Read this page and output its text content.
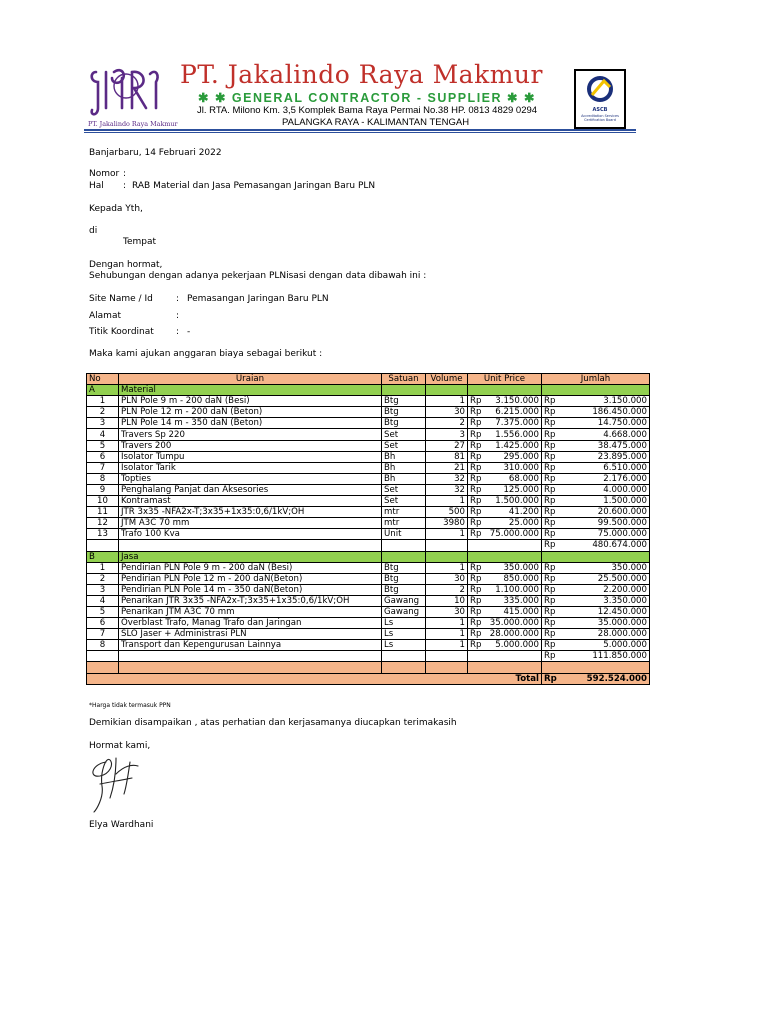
PT. Jakalindo Raya Makmur
PT. Jakalindo Raya Makmur
✱ ✱ GENERAL CONTRACTOR - SUPPLIER ✱ ✱
Jl. RTA. Milono Km. 3,5 Komplek Bama Raya Permai No.38 HP. 0813 4829 0294
PALANGKA RAYA - KALIMANTAN TENGAH
ASCB
Accreditation Services Certification Board
Banjarbaru, 14 Februari 2022
Nomor :
Hal : RAB Material dan Jasa Pemasangan Jaringan Baru PLN
Kepada Yth,
di
Tempat
Dengan hormat,
Sehubungan dengan adanya pekerjaan PLNisasi dengan data dibawah ini :
Site Name / Id	: Pemasangan Jaringan Baru PLN
Alamat	:
Titik Koordinat : -
Maka kami ajukan anggaran biaya sebagai berikut :
No	Uraian	Satuan	Volume	Unit Price	Jumlah
A	Material				
1	PLN Pole 9 m - 200 daN (Besi)	Btg	1	Rp 3.150.000	Rp 3.150.000

2	PLN Pole 12 m - 200 daN (Beton)	Btg	30	Rp 6.215.000	Rp 186.450.000

3	PLN Pole 14 m - 350 daN (Beton)	Btg	2	Rp 7.375.000	Rp 14.750.000

4	Travers Sp 220	Set	3	Rp 1.556.000	Rp 4.668.000

5	Travers 200	Set	27	Rp 1.425.000	Rp 38.475.000

6	Isolator Tumpu	Bh	81	Rp 295.000	Rp 23.895.000

7	Isolator Tarik	Bh	21	Rp 310.000	Rp 6.510.000

8	Topties	Bh	32	Rp 68.000	Rp 2.176.000

9	Penghalang Panjat dan Aksesories	Set	32	Rp 125.000	Rp 4.000.000

10	Kontramast	Set	1	Rp 1.500.000	Rp 1.500.000

11	JTR 3x35 -NFA2x-T;3x35+1x35:0,6/1kV;OH	mtr	500	Rp 41.200	Rp 20.600.000

12	JTM A3C 70 mm	mtr	3980	Rp 25.000	Rp 99.500.000

13	Trafo 100 Kva	Unit	1	Rp 75.000.000	Rp 75.000.000

					Rp 480.674.000

B	Jasa				
1	Pendirian PLN Pole 9 m - 200 daN (Besi)	Btg	1	Rp 350.000	Rp 350.000

2	Pendirian PLN Pole 12 m - 200 daN(Beton)	Btg	30	Rp 850.000	Rp 25.500.000

3	Pendirian PLN Pole 14 m - 350 daN(Beton)	Btg	2	Rp 1.100.000	Rp 2.200.000

4	Penarikan JTR 3x35 -NFA2x-T;3x35+1x35:0,6/1kV;OH	Gawang	10	Rp 335.000	Rp 3.350.000

5	Penarikan JTM A3C 70 mm	Gawang	30	Rp 415.000	Rp 12.450.000

6	Overblast Trafo, Manag Trafo dan Jaringan	Ls	1	Rp 35.000.000	Rp 35.000.000

7	SLO Jaser + Administrasi PLN	Ls	1	Rp 28.000.000	Rp 28.000.000

8	Transport dan Kepengurusan Lainnya	Ls	1	Rp 5.000.000	Rp 5.000.000

					Rp 111.850.000

Total					Rp 592.524.000
*Harga tidak termasuk PPN
Demikian disampaikan , atas perhatian dan kerjasamanya diucapkan terimakasih
Hormat kami,
Elya Wardhani
